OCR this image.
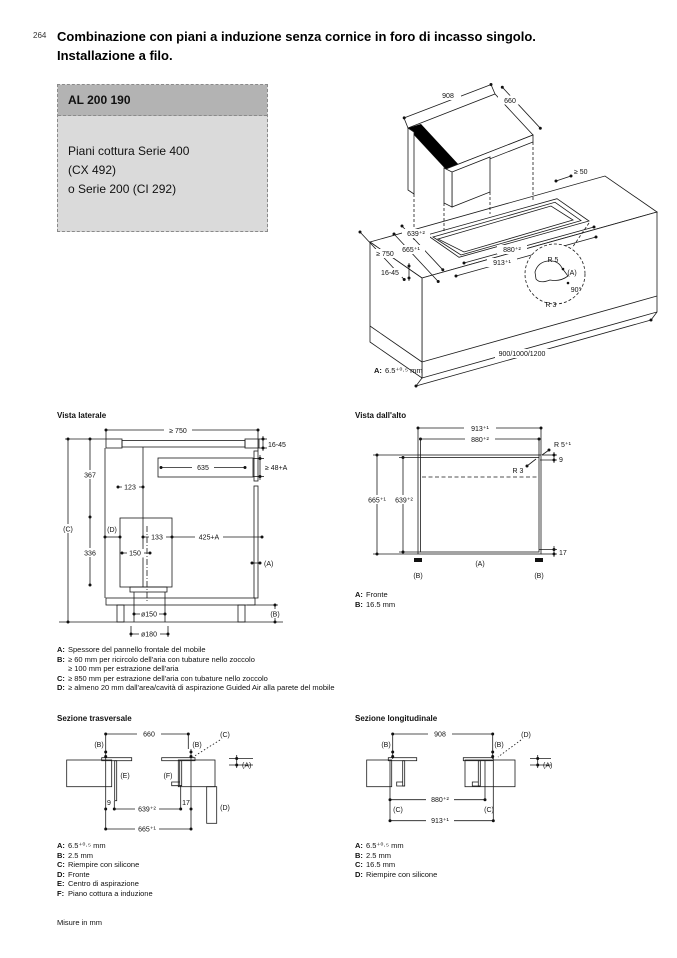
264 Combinazione con piani a induzione senza cornice in foro di incasso singolo.
Installazione a filo.
AL 200 190
Piani cottura Serie 400
(CX 492)
o Serie 200 (CI 292)
908
660
≥ 50
639⁺²
665⁺¹	880⁺²
913⁺¹
≥ 750
16-45
900/1000/1200
R 5
(A)
90°
R 3
A: 6.5⁺⁰·⁵ mm
Vista laterale
≥ 750
(C)
16-45
635	≥ 48+A
367
336
123
(D)
133	425+A
150
(A)
(B)
ø150
ø180
Vista dall'alto
913⁺¹
880⁺²
R 5⁺¹
9
R 3
665⁺¹ 639⁺²
17
(A)
(B)	(B)
A: Fronte
B: 16.5 mm
A: Spessore del pannello frontale del mobile
B: ≥ 60 mm per ricircolo dell'aria con tubature nello zoccolo
≥ 100 mm per estrazione dell'aria
C: ≥ 850 mm per estrazione dell'aria con tubature nello zoccolo
D: ≥ almeno 20 mm dall'area/cavità di aspirazione Guided Air alla parete del mobile
Sezione trasversale
660
(B)	(B)
(C)
(E)	(F)
(D)
(A)
9	17
639⁺²
665⁺¹
A: 6.5⁺⁰·⁵ mm
B: 2.5 mm
C: Riempire con silicone
D: Fronte
E: Centro di aspirazione
F: Piano cottura a induzione
Sezione longitudinale
908
(B)	(B)
(D)
(A)
880⁺²
(C)	(C)
913⁺¹
A: 6.5⁺⁰·⁵ mm
B: 2.5 mm
C: 16.5 mm
D: Riempire con silicone
Misure in mm
